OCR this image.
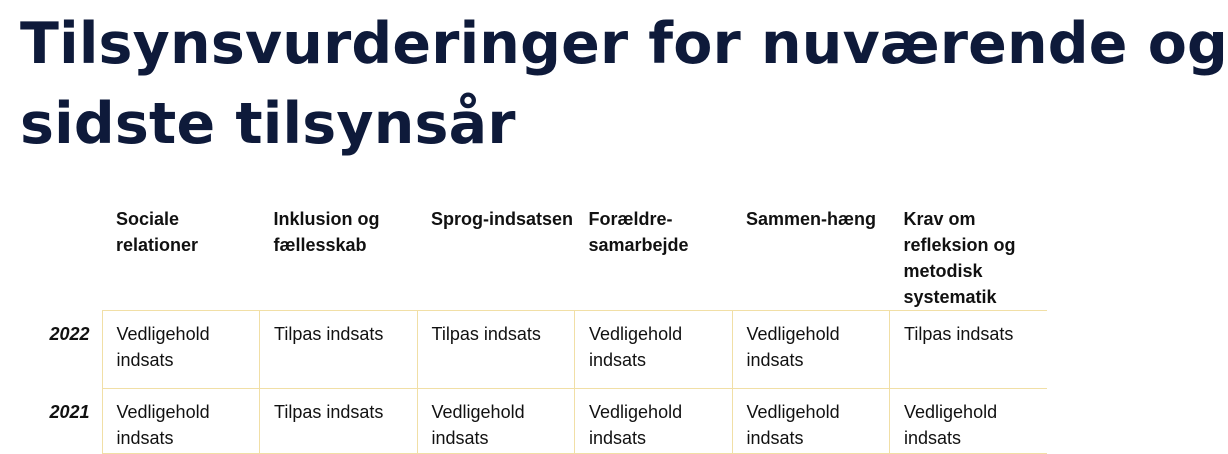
Tilsynsvurderinger for nuværende og
sidste tilsynsår
	Sociale relationer	Inklusion og fællesskab	Sprog-indsatsen	Forældre-samarbejde	Sammen-hæng	Krav om refleksion og metodisk systematik
2022	Vedligehold indsats	Tilpas indsats	Tilpas indsats	Vedligehold indsats	Vedligehold indsats	Tilpas indsats
2021	Vedligehold indsats	Tilpas indsats	Vedligehold indsats	Vedligehold indsats	Vedligehold indsats	Vedligehold indsats
